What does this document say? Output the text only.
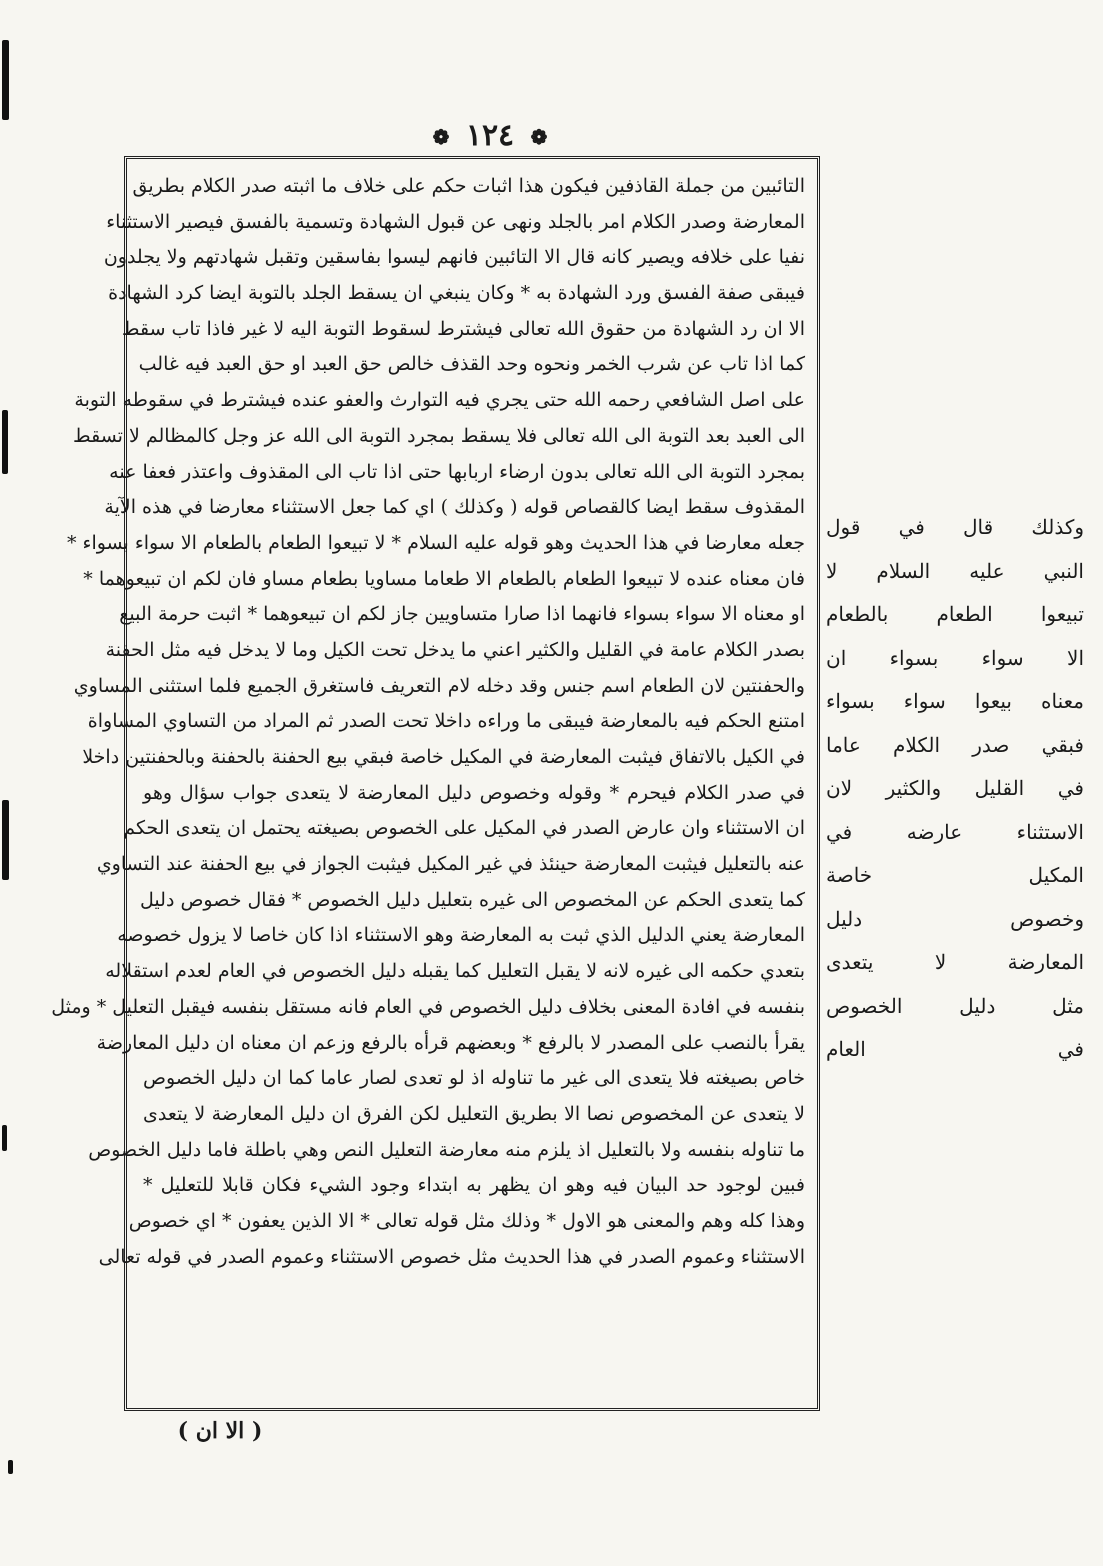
❁ ١٢٤ ❁
التائبين من جملة القاذفين فيكون هذا اثبات حكم على خلاف ما اثبته صدر الكلام بطريق
المعارضة وصدر الكلام امر بالجلد ونهى عن قبول الشهادة وتسمية بالفسق فيصير الاستثناء
نفيا على خلافه ويصير كانه قال الا التائبين فانهم ليسوا بفاسقين وتقبل شهادتهم ولا يجلدون
فيبقى صفة الفسق ورد الشهادة به * وكان ينبغي ان يسقط الجلد بالتوبة ايضا كرد الشهادة
الا ان رد الشهادة من حقوق الله تعالى فيشترط لسقوط التوبة اليه لا غير فاذا تاب سقط
كما اذا تاب عن شرب الخمر ونحوه وحد القذف خالص حق العبد او حق العبد فيه غالب
على اصل الشافعي رحمه الله حتى يجري فيه التوارث والعفو عنده فيشترط في سقوطه التوبة
الى العبد بعد التوبة الى الله تعالى فلا يسقط بمجرد التوبة الى الله عز وجل كالمظالم لا تسقط
بمجرد التوبة الى الله تعالى بدون ارضاء اربابها حتى اذا تاب الى المقذوف واعتذر فعفا عنه
المقذوف سقط ايضا كالقصاص قوله ( وكذلك ) اي كما جعل الاستثناء معارضا في هذه الآية
جعله معارضا في هذا الحديث وهو قوله عليه السلام * لا تبيعوا الطعام بالطعام الا سواء بسواء *
فان معناه عنده لا تبيعوا الطعام بالطعام الا طعاما مساويا بطعام مساو فان لكم ان تبيعوهما *
او معناه الا سواء بسواء فانهما اذا صارا متساويين جاز لكم ان تبيعوهما * اثبت حرمة البيع
بصدر الكلام عامة في القليل والكثير اعني ما يدخل تحت الكيل وما لا يدخل فيه مثل الحفنة
والحفنتين لان الطعام اسم جنس وقد دخله لام التعريف فاستغرق الجميع فلما استثنى المساوي
امتنع الحكم فيه بالمعارضة فيبقى ما وراءه داخلا تحت الصدر ثم المراد من التساوي المساواة
في الكيل بالاتفاق فيثبت المعارضة في المكيل خاصة فبقي بيع الحفنة بالحفنة وبالحفنتين داخلا
في صدر الكلام فيحرم * وقوله وخصوص دليل المعارضة لا يتعدى جواب سؤال وهو
ان الاستثناء وان عارض الصدر في المكيل على الخصوص بصيغته يحتمل ان يتعدى الحكم
عنه بالتعليل فيثبت المعارضة حينئذ في غير المكيل فيثبت الجواز في بيع الحفنة عند التساوي
كما يتعدى الحكم عن المخصوص الى غيره بتعليل دليل الخصوص * فقال خصوص دليل
المعارضة يعني الدليل الذي ثبت به المعارضة وهو الاستثناء اذا كان خاصا لا يزول خصوصه
بتعدي حكمه الى غيره لانه لا يقبل التعليل كما يقبله دليل الخصوص في العام لعدم استقلاله
بنفسه في افادة المعنى بخلاف دليل الخصوص في العام فانه مستقل بنفسه فيقبل التعليل * ومثل
يقرأ بالنصب على المصدر لا بالرفع * وبعضهم قرأه بالرفع وزعم ان معناه ان دليل المعارضة
خاص بصيغته فلا يتعدى الى غير ما تناوله اذ لو تعدى لصار عاما كما ان دليل الخصوص
لا يتعدى عن المخصوص نصا الا بطريق التعليل لكن الفرق ان دليل المعارضة لا يتعدى
ما تناوله بنفسه ولا بالتعليل اذ يلزم منه معارضة التعليل النص وهي باطلة فاما دليل الخصوص
فبين لوجود حد البيان فيه وهو ان يظهر به ابتداء وجود الشيء فكان قابلا للتعليل *
وهذا كله وهم والمعنى هو الاول * وذلك مثل قوله تعالى * الا الذين يعفون * اي خصوص
الاستثناء وعموم الصدر في هذا الحديث مثل خصوص الاستثناء وعموم الصدر في قوله تعالى
وكذلك قال في قول
النبي عليه السلام لا
تبيعوا الطعام بالطعام
الا سواء بسواء ان
معناه بيعوا سواء بسواء
فبقي صدر الكلام عاما
في القليل والكثير لان
الاستثناء عارضه في
المكيل خاصة
وخصوص دليل
المعارضة لا يتعدى
مثل دليل الخصوص
في العام
( الا ان )
